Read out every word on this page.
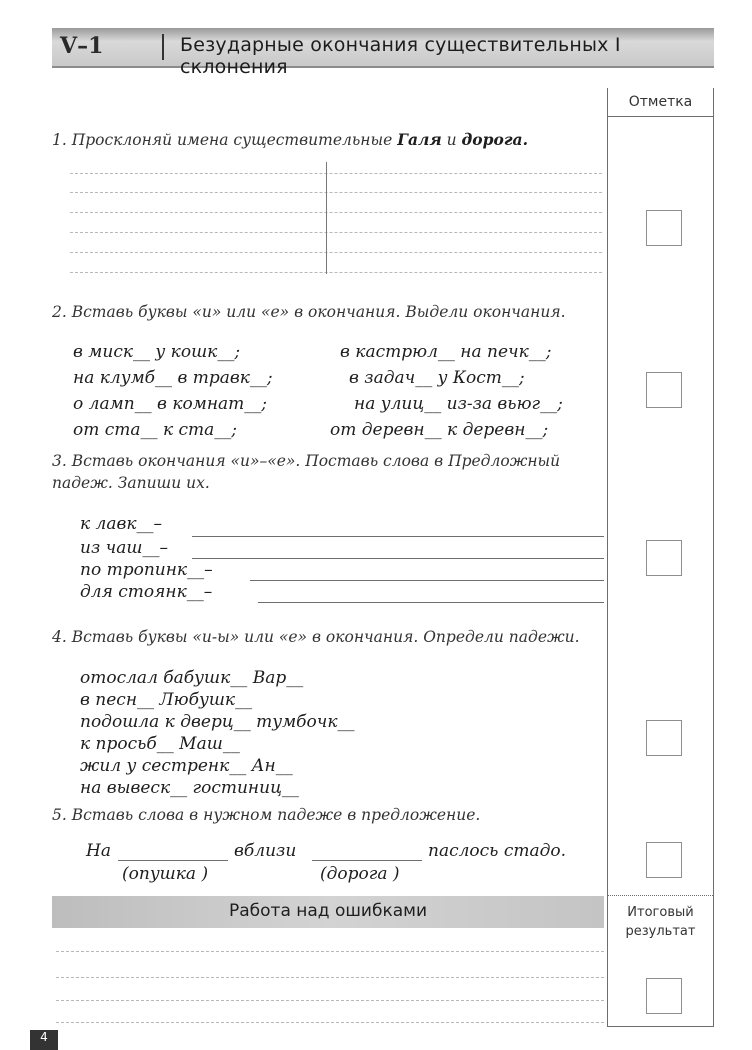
V–1	Безударные окончания существительных I склонения
Отметка
Итоговый
результат
1. Просклоняй имена существительные Галя и дорога.
2. Вставь буквы «и» или «е» в окончания. Выдели окончания.
в миск__ у кошк__;	в кастрюл__ на печк__;
на клумб__ в травк__;	в задач__ у Кост__;
о ламп__ в комнат__;	на улиц__ из-за вьюг__;
от ста__ к ста__;	от деревн__ к деревн__;
3. Вставь окончания «и»–«е». Поставь слова в Предложный
падеж. Запиши их.
к лавк__–
из чаш__–
по тропинк__–
для стоянк__–
4. Вставь буквы «и-ы» или «е» в окончания. Определи падежи.
отослал бабушк__ Вар__
в песн__ Любушк__
подошла к дверц__ тумбочк__
к просьб__ Маш__
жил у сестренк__ Ан__
на вывеск__ гостиниц__
5. Вставь слова в нужном падеже в предложение.
На	вблизи	паслось стадо.
(опушка )	(дорога )
Работа над ошибками
4
